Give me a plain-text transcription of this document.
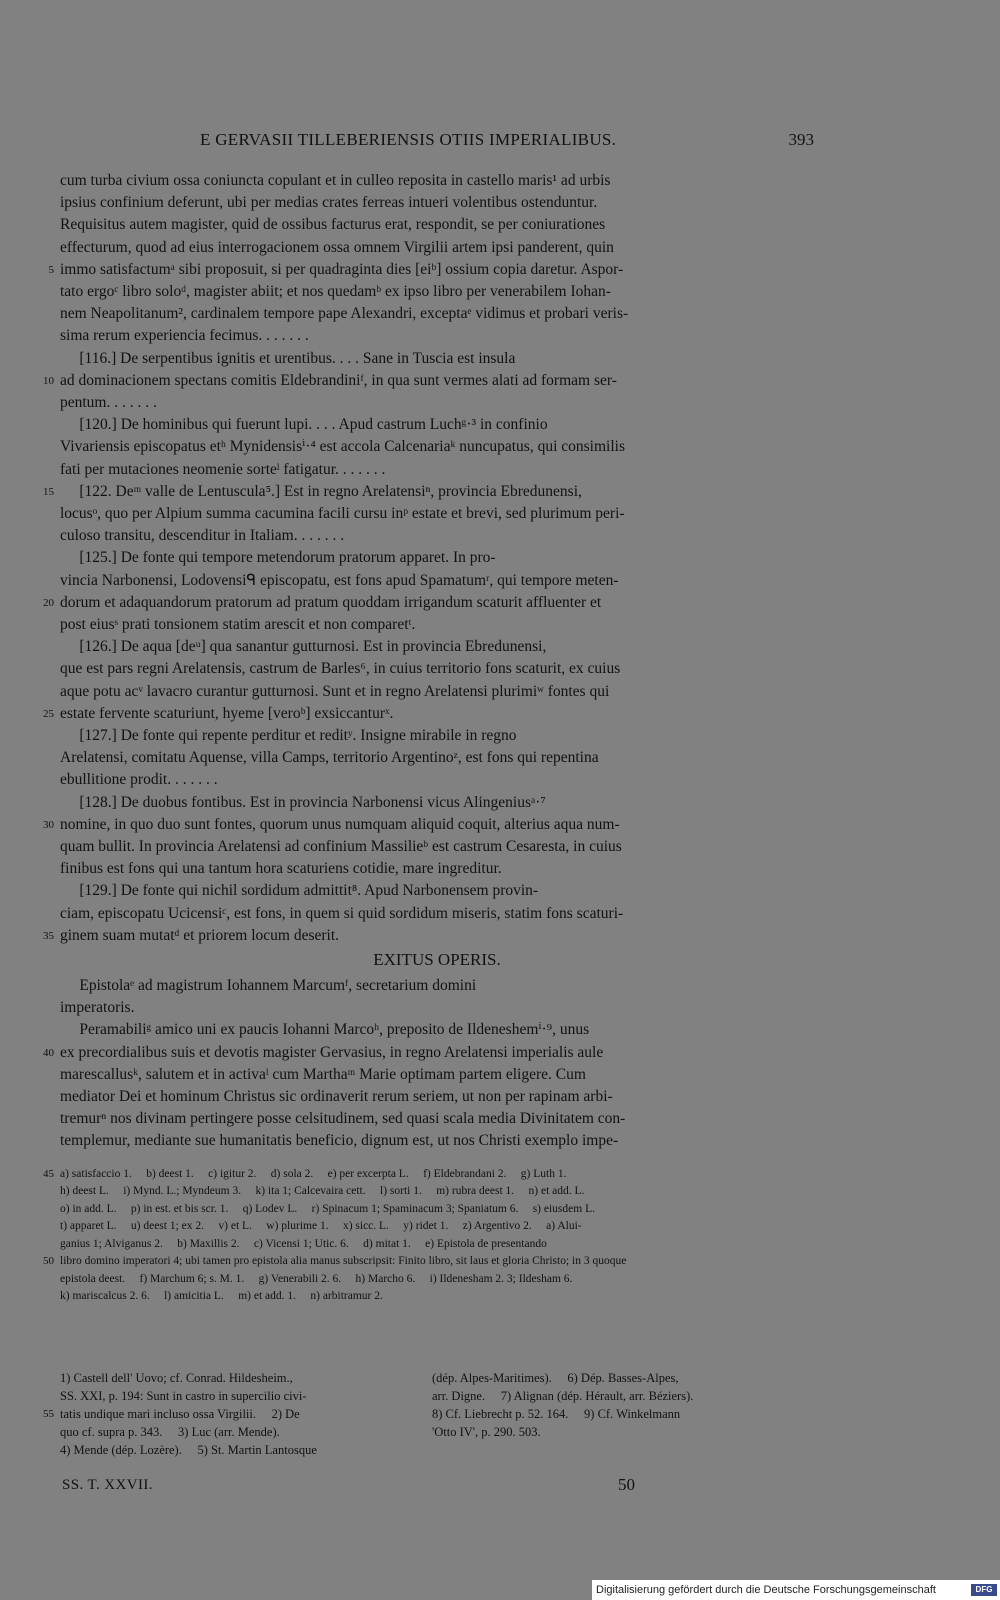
E GERVASII TILLEBERIENSIS OTIIS IMPERIALIBUS.	393
cum turba civium ossa coniuncta copulant et in culleo reposita in castello maris¹ ad urbis
ipsius confinium deferunt, ubi per medias crates ferreas intueri volentibus ostenduntur.
Requisitus autem magister, quid de ossibus facturus erat, respondit, se per coniurationes
effecturum, quod ad eius interrogacionem ossa omnem Virgilii artem ipsi panderent, quin
5 immo satisfactumᵃ sibi proposuit, si per quadraginta dies [eiᵇ] ossium copia daretur. Aspor-
tato ergoᶜ libro soloᵈ, magister abiit; et nos quedamᵇ ex ipso libro per venerabilem Iohan-
nem Neapolitanum², cardinalem tempore pape Alexandri, exceptaᵉ vidimus et probari veris-
sima rerum experiencia fecimus. . . . . . .
[116.] De serpentibus ignitis et urentibus. . . . Sane in Tuscia est insula
10 ad dominacionem spectans comitis Eldebrandiniᶠ, in qua sunt vermes alati ad formam ser-
pentum. . . . . . .
[120.] De hominibus qui fuerunt lupi. . . . Apud castrum Luchᵍ·³ in confinio
Vivariensis episcopatus etʰ Mynidensisⁱ·⁴ est accola Calcenariaᵏ nuncupatus, qui consimilis
fati per mutaciones neomenie sorteˡ fatigatur. . . . . . .
15 [122. Deᵐ valle de Lentuscula⁵.] Est in regno Arelatensiⁿ, provincia Ebredunensi,
locusᵒ, quo per Alpium summa cacumina facili cursu inᵖ estate et brevi, sed plurimum peri-
culoso transitu, descenditur in Italiam. . . . . . .
[125.] De fonte qui tempore metendorum pratorum apparet. In pro-
vincia Narbonensi, Lodovensiᑫ episcopatu, est fons apud Spamatumʳ, qui tempore meten-
20 dorum et adaquandorum pratorum ad pratum quoddam irrigandum scaturit affluenter et
post eiusˢ prati tonsionem statim arescit et non comparetᵗ.
[126.] De aqua [deᵘ] qua sanantur gutturnosi. Est in provincia Ebredunensi,
que est pars regni Arelatensis, castrum de Barles⁶, in cuius territorio fons scaturit, ex cuius
aque potu acᵛ lavacro curantur gutturnosi. Sunt et in regno Arelatensi plurimiʷ fontes qui
25 estate fervente scaturiunt, hyeme [veroᵇ] exsiccanturˣ.
[127.] De fonte qui repente perditur et reditʸ. Insigne mirabile in regno
Arelatensi, comitatu Aquense, villa Camps, territorio Argentinoᶻ, est fons qui repentina
ebullitione prodit. . . . . . .
[128.] De duobus fontibus. Est in provincia Narbonensi vicus Alingeniusᵃ·⁷
30 nomine, in quo duo sunt fontes, quorum unus numquam aliquid coquit, alterius aqua num-
quam bullit. In provincia Arelatensi ad confinium Massilieᵇ est castrum Cesaresta, in cuius
finibus est fons qui una tantum hora scaturiens cotidie, mare ingreditur.
[129.] De fonte qui nichil sordidum admittit⁸. Apud Narbonensem provin-
ciam, episcopatu Ucicensiᶜ, est fons, in quem si quid sordidum miseris, statim fons scaturi-
35 ginem suam mutatᵈ et priorem locum deserit.
EXITUS OPERIS.
Epistolaᵉ ad magistrum Iohannem Marcumᶠ, secretarium domini
imperatoris.
Peramabiliᵍ amico uni ex paucis Iohanni Marcoʰ, preposito de Ildeneshemⁱ·⁹, unus
40 ex precordialibus suis et devotis magister Gervasius, in regno Arelatensi imperialis aule
marescallusᵏ, salutem et in activaˡ cum Marthaᵐ Marie optimam partem eligere. Cum
mediator Dei et hominum Christus sic ordinaverit rerum seriem, ut non per rapinam arbi-
tremurⁿ nos divinam pertingere posse celsitudinem, sed quasi scala media Divinitatem con-
templemur, mediante sue humanitatis beneficio, dignum est, ut nos Christi exemplo impe-
45 a) satisfaccio 1.     b) deest 1.     c) igitur 2.     d) sola 2.     e) per excerpta L.     f) Eldebrandani 2.     g) Luth 1.
h) deest L.     i) Mynd. L.; Myndeum 3.     k) ita 1; Calcevaira cett.     l) sorti 1.     m) rubra deest 1.     n) et add. L.
o) in add. L.     p) in est. et bis scr. 1.     q) Lodev L.     r) Spinacum 1; Spaminacum 3; Spaniatum 6.     s) eiusdem L.
t) apparet L.     u) deest 1; ex 2.     v) et L.     w) plurime 1.     x) sicc. L.     y) ridet 1.     z) Argentivo 2.     a) Alui-
ganius 1; Alviganus 2.     b) Maxillis 2.     c) Vicensi 1; Utic. 6.     d) mitat 1.     e) Epistola de presentando
50 libro domino imperatori 4; ubi tamen pro epistola alia manus subscripsit: Finito libro, sit laus et gloria Christo; in 3 quoque
epistola deest.     f) Marchum 6; s. M. 1.     g) Venerabili 2. 6.     h) Marcho 6.     i) Ildenesham 2. 3; Ildesham 6.
k) mariscalcus 2. 6.     l) amicitia L.     m) et add. 1.     n) arbitramur 2.
1) Castell dell' Uovo; cf. Conrad. Hildesheim.,
SS. XXI, p. 194: Sunt in castro in supercilio civi-
55 tatis undique mari incluso ossa Virgilii.     2) De
quo cf. supra p. 343.     3) Luc (arr. Mende).
4) Mende (dép. Lozère).     5) St. Martin Lantosque
(dép. Alpes-Maritimes).     6) Dép. Basses-Alpes,
arr. Digne.     7) Alignan (dép. Hérault, arr. Béziers).
8) Cf. Liebrecht p. 52. 164.     9) Cf. Winkelmann
'Otto IV', p. 290. 503.
SS. T. XXVII.	50
Digitalisierung gefördert durch die Deutsche Forschungsgemeinschaft	DFG
